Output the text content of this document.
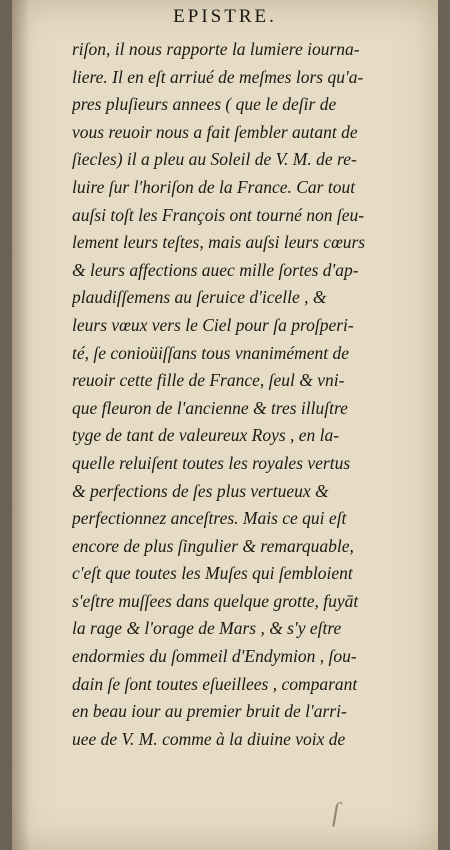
EPISTRE.
riſon, il nous rapporte la lumiere iourna-
liere. Il en eſt arriué de meſmes lors qu'a-
pres pluſieurs annees ( que le deſir de
vous reuoir nous a fait ſembler autant de
ſiecles) il a pleu au Soleil de V. M. de re-
luire ſur l'horiſon de la France. Car tout
auſsi toſt les François ont tourné non ſeu-
lement leurs teſtes, mais auſsi leurs cœurs
& leurs affections auec mille ſortes d'ap-
plaudiſſemens au ſeruice d'icelle , &
leurs vœux vers le Ciel pour ſa proſperi-
té, ſe conioüiſſans tous vnanimément de
reuoir cette fille de France, ſeul & vni-
que fleuron de l'ancienne & tres illuſtre
tyge de tant de valeureux Roys , en la-
quelle reluiſent toutes les royales vertus
& perfections de ſes plus vertueux &
perfectionnez anceſtres. Mais ce qui eſt
encore de plus ſingulier & remarquable,
c'eſt que toutes les Muſes qui ſembloient
s'eſtre muſſees dans quelque grotte, fuyāt
la rage & l'orage de Mars , & s'y eſtre
endormies du ſommeil d'Endymion , ſou-
dain ſe ſont toutes eſueillees , comparant
en beau iour au premier bruit de l'arri-
uee de V. M. comme à la diuine voix de
ſ
